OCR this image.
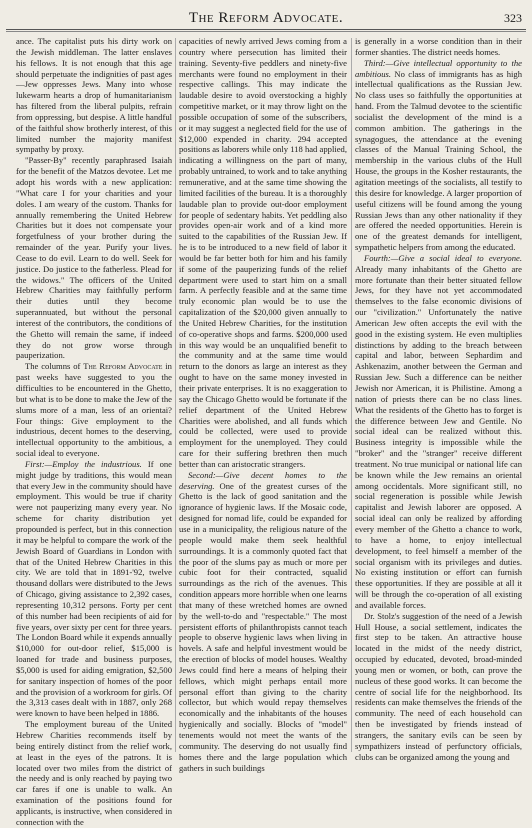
The Reform Advocate.	323

ance. The capitalist puts his dirty work on the Jewish middleman. The latter enslaves his fellows. It is not enough that this age should perpetuate the indignities of past ages—Jew oppresses Jews. Many into whose lukewarm hearts a drop of humanitarianism has filtered from the liberal pulpits, refrain from oppressing, but despise. A little handful of the faithful show brotherly interest, of this limited number the majority manifest sympathy by proxy.

"Passer-By" recently paraphrased Isaiah for the benefit of the Matzos devotee. Let me adopt his words with a new application: "What care I for your charities and your doles. I am weary of the custom. Thanks for annually remembering the United Hebrew Charities but it does not compensate your forgetfulness of your brother during the remainder of the year. Purify your lives. Cease to do evil. Learn to do well. Seek for justice. Do justice to the fatherless. Plead for the widows." The officers of the United Hebrew Charities may faithfully perform their duties until they become superannuated, but without the personal interest of the contributors, the conditions of the Ghetto will remain the same, if indeed they do not grow worse through pauperization.

The columns of The Reform Advocate in past weeks have suggested to you the difficulties to be encountered in the Ghetto, but what is to be done to make the Jew of the slums more of a man, less of an orientai? Four things: Give employment to the industrious, decent homes to the deserving, intellectual opportunity to the ambitious, a social ideal to everyone.

First:—Employ the industrious. If one might judge by traditions, this would mean that every Jew in the community should have employment. This would be true if charity were not pauperizing many every year. No scheme for charity distribution yet propounded is perfect, but in this connection it may be helpful to compare the work of the Jewish Board of Guardians in London with that of the United Hebrew Charities in this city. We are told that in 1891-'92, twelve thousand dollars were distributed to the Jews of Chicago, giving assistance to 2,392 cases, representing 10,312 persons. Forty per cent of this number had been recipients of aid for five years, over sixty per cent for three years. The London Board while it expends annually $10,000 for out-door relief, $15,000 is loaned for trade and business purposes, $5,000 is used for aiding emigration, $2,500 for sanitary inspection of homes of the poor and the provision of a workroom for girls. Of the 3,313 cases dealt with in 1887, only 268 were known to have been helped in 1886.

The employment bureau of the United Hebrew Charities recommends itself by being entirely distinct from the relief work, at least in the eyes of the patrons. It is located over two miles from the district of the needy and is only reached by paying two car fares if one is unable to walk. An examination of the positions found for applicants, is instructive, when considered in connection with the

capacities of newly arrived Jews coming from a country where persecution has limited their training. Seventy-five peddlers and ninety-five merchants were found no employment in their respective callings. This may indicate the laudable desire to avoid overstocking a highly competitive market, or it may throw light on the possible occupation of some of the subscribers, or it may suggest a neglected field for the use of $12,000 expended in charity. 294 accepted positions as laborers while only 118 had applied, indicating a willingness on the part of many, probably untrained, to work and to take anything remunerative, and at the same time showing the limited facilities of the bureau. It is a thoroughly laudable plan to provide out-door employment for people of sedentary habits. Yet peddling also provides open-air work and of a kind more suited to the capabilities of the Russian Jew. If he is to be introduced to a new field of labor it would be far better both for him and his family if some of the pauperizing funds of the relief department were used to start him on a small farm. A perfectly feasible and at the same time truly economic plan would be to use the capitalization of the $20,000 given annually to the United Hebrew Charities, for the institution of co-operative shops and farms. $200,000 used in this way would be an unqualified benefit to the community and at the same time would return to the donors as large an interest as they ought to have on the same money invested in their private enterprises. It is no exaggeration to say the Chicago Ghetto would be fortunate if the relief department of the United Hebrew Charities were abolished, and all funds which could be collected, were used to provide employment for the unemployed. They could care for their suffering brethren then much better than can aristocratic strangers.

Second:—Give decent homes to the deserving. One of the greatest curses of the Ghetto is the lack of good sanitation and the ignorance of hygienic laws. If the Mosaic code, designed for nomad life, could be expanded for use in a municipality, the religious nature of the people would make them seek healthful surroundings. It is a commonly quoted fact that the poor of the slums pay as much or more per cubic foot for their contracted, squalid surroundings as the rich of the avenues. This condition appears more horrible when one learns that many of these wretched homes are owned by the well-to-do and "respectable." The most persistent efforts of philanthropists cannot teach people to observe hygienic laws when living in hovels. A safe and helpful investment would be the erection of blocks of model houses. Wealthy Jews could find here a means of helping their fellows, which might perhaps entail more personal effort than giving to the charity collector, but which would repay themselves economically and the inhabitants of the houses hygienically and socially. Blocks of "model" tenements would not meet the wants of the community. The deserving do not usually find homes there and the large population which gathers in such buildings

is generally in a worse condition than in their former shanties. The district needs homes.

Third:—Give intellectual opportunity to the ambitious. No class of immigrants has as high intellectual qualifications as the Russian Jew. No class uses so faithfully the opportunities at hand. From the Talmud devotee to the scientific socialist the development of the mind is a common ambition. The gatherings in the synagogues, the attendance at the evening classes of the Manual Training School, the membership in the various clubs of the Hull House, the groups in the Kosher restaurants, the agitation meetings of the socialists, all testify to this desire for knowledge. A larger proportion of useful citizens will be found among the young Russian Jews than any other nationality if they are offered the needed opportunities. Herein is one of the greatest demands for intelligent, sympathetic helpers from among the educated.

Fourth:—Give a social ideal to everyone. Already many inhabitants of the Ghetto are more fortunate than their better situated fellow Jews, for they have not yet accommodated themselves to the false economic divisions of our "civilization." Unfortunately the native American Jew often accepts the evil with the good in the existing system. He even multiplies distinctions by adding to the breach between capital and labor, between Sephardim and Ashkenazim, another between the German and Russian Jew. Such a difference can be neither Jewish nor American, it is Philistine. Among a nation of priests there can be no class lines. What the residents of the Ghetto has to forget is the difference between Jew and Gentile. No social ideal can be realized without this. Business integrity is impossible while the "broker" and the "stranger" receive different treatment. No true municipal or national life can be known while the Jew remains an oriental among occidentals. More significant still, no social regeneration is possible while Jewish capitalist and Jewish laborer are opposed. A social ideal can only be realized by affording every member of the Ghetto a chance to work, to have a home, to enjoy intellectual development, to feel himself a member of the social organism with its privileges and duties. No existing institution or effort can furnish these opportunities. If they are possible at all it will be through the co-operation of all existing and available forces.

Dr. Stolz's suggestion of the need of a Jewish Hull House, a social settlement, indicates the first step to be taken. An attractive house located in the midst of the needy district, occupied by educated, devoted, broad-minded young men or women, or both, can prove the nucleus of these good works. It can become the centre of social life for the neighborhood. Its residents can make themselves the friends of the community. The need of each household can then be investigated by friends instead of strangers, the sanitary evils can be seen by sympathizers instead of perfunctory officials, clubs can be organized among the young and
